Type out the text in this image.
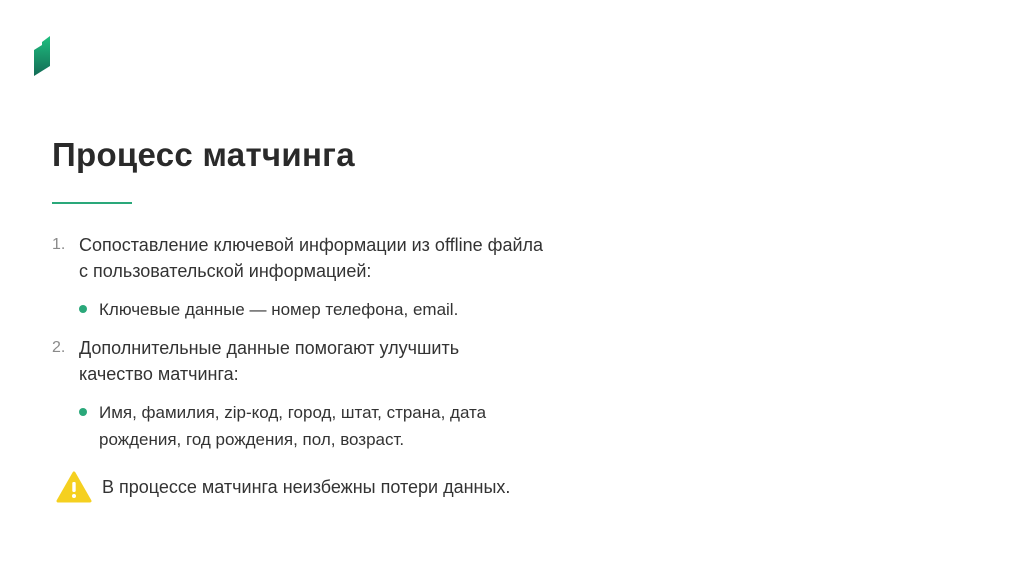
Процесс матчинга
1. Сопоставление ключевой информации из offline файла
с пользовательской информацией:
Ключевые данные — номер телефона, email.
2. Дополнительные данные помогают улучшить
качество матчинга:
Имя, фамилия, zip-код, город, штат, страна, дата
рождения, год рождения, пол, возраст.
В процессе матчинга неизбежны потери данных.
